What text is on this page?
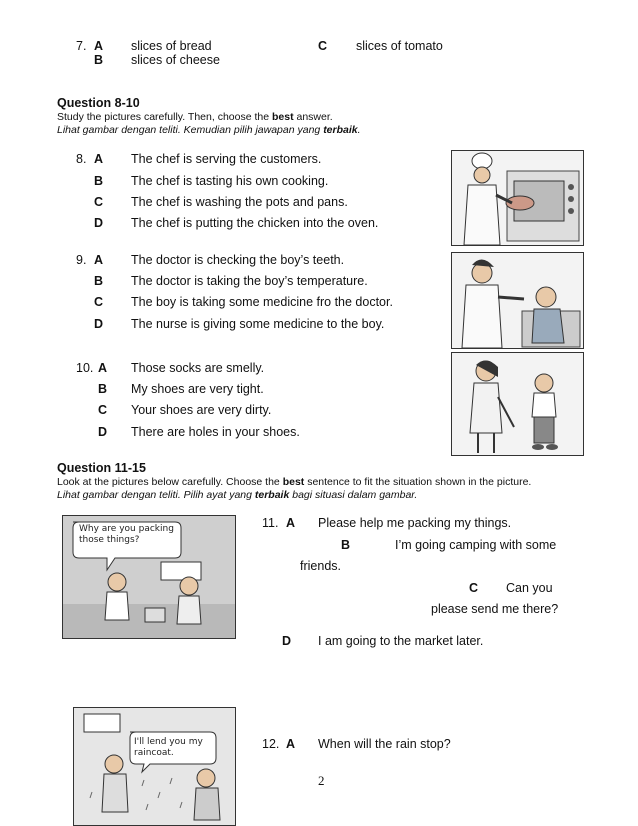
7. A slices of bread	C slices of tomato
B slices of cheese
Question 8-10
Study the pictures carefully. Then, choose the best answer.
Lihat gambar dengan teliti. Kemudian pilih jawapan yang terbaik.
8. A The chef is serving the customers.
B The chef is tasting his own cooking.
C The chef is washing the pots and pans.
D The chef is putting the chicken into the oven.
9. A The doctor is checking the boy’s teeth.
B The doctor is taking the boy’s temperature.
C The boy is taking some medicine fro the doctor.
D The nurse is giving some medicine to the boy.
10. A Those socks are smelly.
B My shoes are very tight.
C Your shoes are very dirty.
D There are holes in your shoes.
Question 11-15
Look at the pictures below carefully. Choose the best sentence to fit the situation shown in the picture.
Lihat gambar dengan teliti. Pilih ayat yang terbaik bagi situasi dalam gambar.
Why are you packing those things?
11. A Please help me packing my things.
B	I’m going camping with some
friends.
C Can you
please send me there?
D I am going to the market later.
I'll lend you my raincoat.
12. A When will the rain stop?
2
